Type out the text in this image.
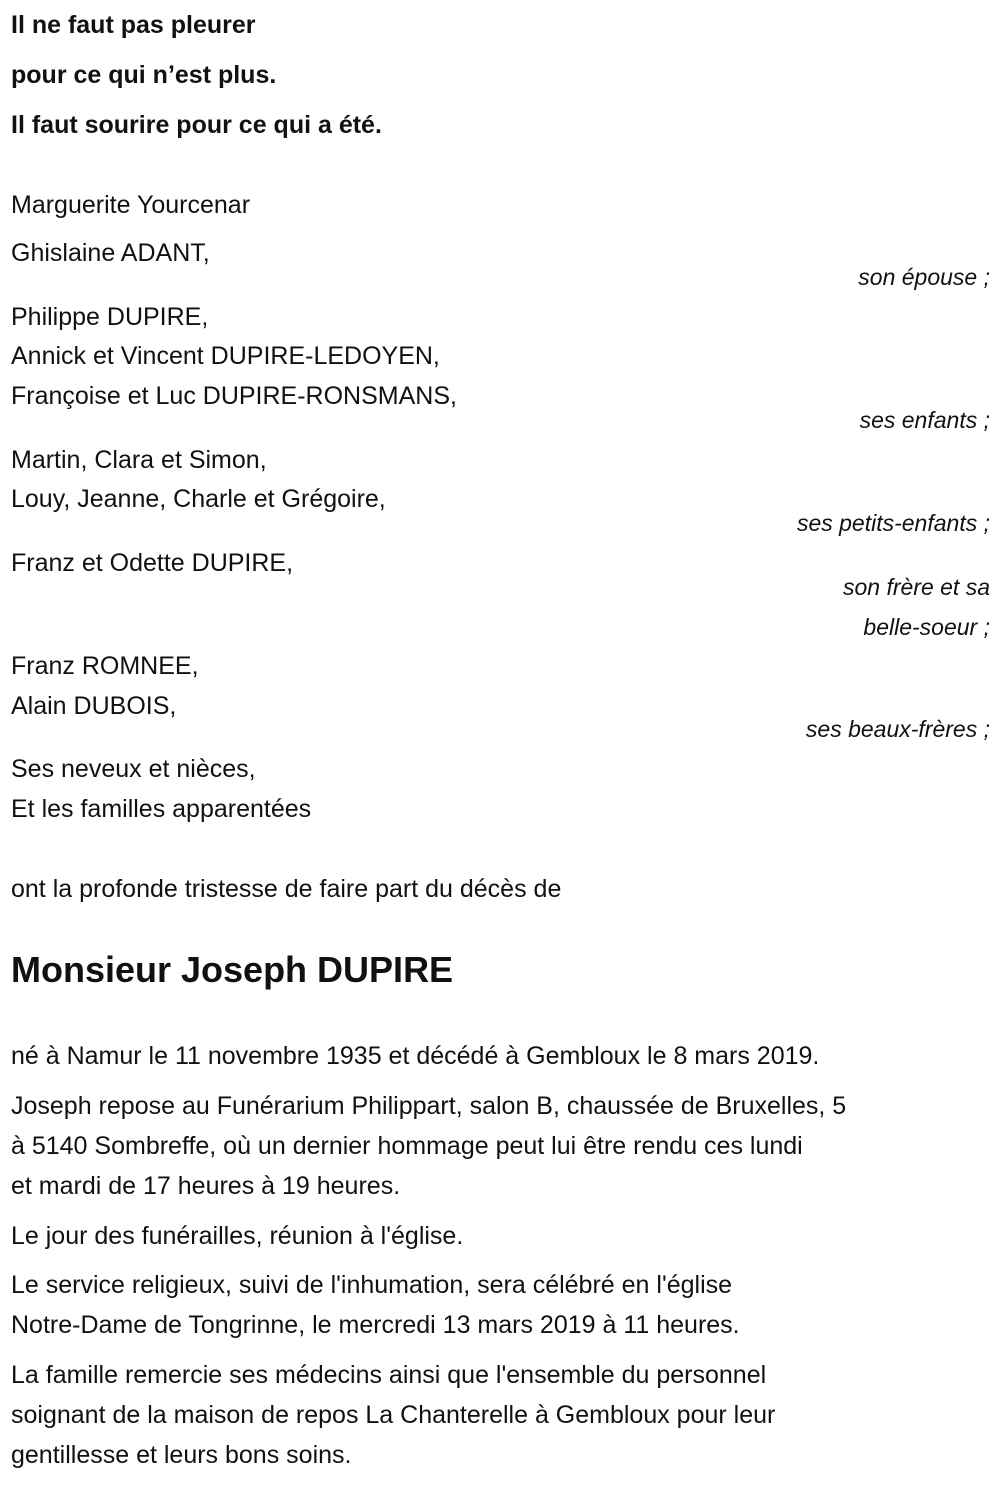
Il ne faut pas pleurer
pour ce qui n’est plus.
Il faut sourire pour ce qui a été.
Marguerite Yourcenar
Ghislaine ADANT,
son épouse ;
Philippe DUPIRE,
Annick et Vincent DUPIRE-LEDOYEN,
Françoise et Luc DUPIRE-RONSMANS,
ses enfants ;
Martin, Clara et Simon,
Louy, Jeanne, Charle et Grégoire,
ses petits-enfants ;
Franz et Odette DUPIRE,
son frère et sa
belle-soeur ;
Franz ROMNEE,
Alain DUBOIS,
ses beaux-frères ;
Ses neveux et nièces,
Et les familles apparentées
ont la profonde tristesse de faire part du décès de
Monsieur Joseph DUPIRE
né à Namur le 11 novembre 1935 et décédé à Gembloux le 8 mars 2019.
Joseph repose au Funérarium Philippart, salon B, chaussée de Bruxelles, 5
à 5140 Sombreffe, où un dernier hommage peut lui être rendu ces lundi
et mardi de 17 heures à 19 heures.
Le jour des funérailles, réunion à l'église.
Le service religieux, suivi de l'inhumation, sera célébré en l'église
Notre-Dame de Tongrinne, le mercredi 13 mars 2019 à 11 heures.
La famille remercie ses médecins ainsi que l'ensemble du personnel
soignant de la maison de repos La Chanterelle à Gembloux pour leur
gentillesse et leurs bons soins.
